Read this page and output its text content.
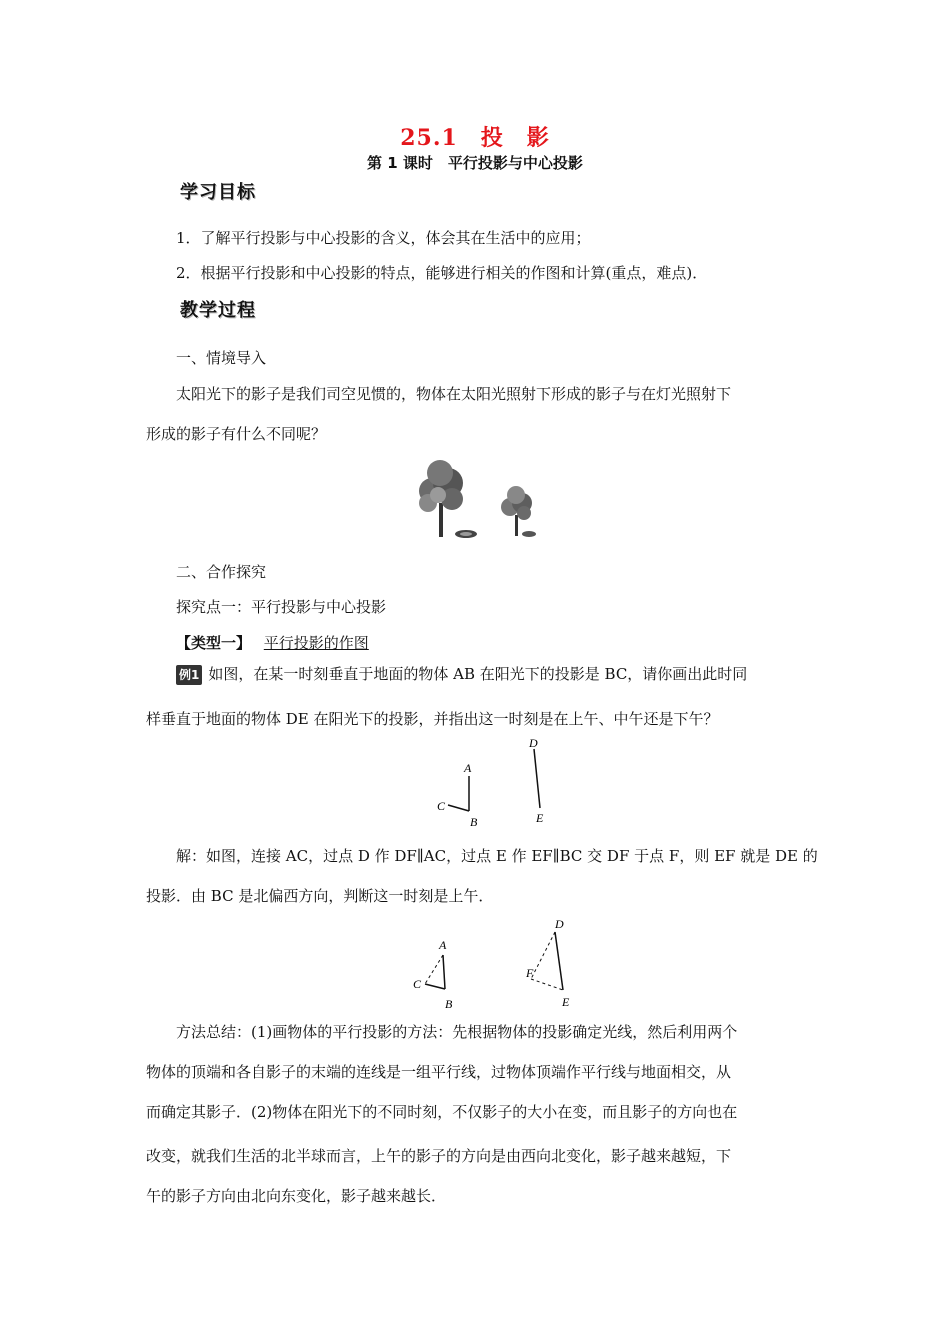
25.1　投　影
第 1 课时　平行投影与中心投影
学习目标
1．了解平行投影与中心投影的含义，体会其在生活中的应用；
2．根据平行投影和中心投影的特点，能够进行相关的作图和计算(重点，难点)．
教学过程
一、情境导入
太阳光下的影子是我们司空见惯的，物体在太阳光照射下形成的影子与在灯光照射下
形成的影子有什么不同呢？
二、合作探究
探究点一：平行投影与中心投影
【类型一】 平行投影的作图
例1 如图，在某一时刻垂直于地面的物体 AB 在阳光下的投影是 BC，请你画出此时同
样垂直于地面的物体 DE 在阳光下的投影，并指出这一时刻是在上午、中午还是下午？
A
B
C
D
E
解：如图，连接 AC，过点 D 作 DF∥AC，过点 E 作 EF∥BC 交 DF 于点 F，则 EF 就是 DE 的
投影．由 BC 是北偏西方向，判断这一时刻是上午．
A
B
C
D
E
F
方法总结：(1)画物体的平行投影的方法：先根据物体的投影确定光线，然后利用两个
物体的顶端和各自影子的末端的连线是一组平行线，过物体顶端作平行线与地面相交，从
而确定其影子．(2)物体在阳光下的不同时刻，不仅影子的大小在变，而且影子的方向也在
改变，就我们生活的北半球而言，上午的影子的方向是由西向北变化，影子越来越短，下
午的影子方向由北向东变化，影子越来越长．
